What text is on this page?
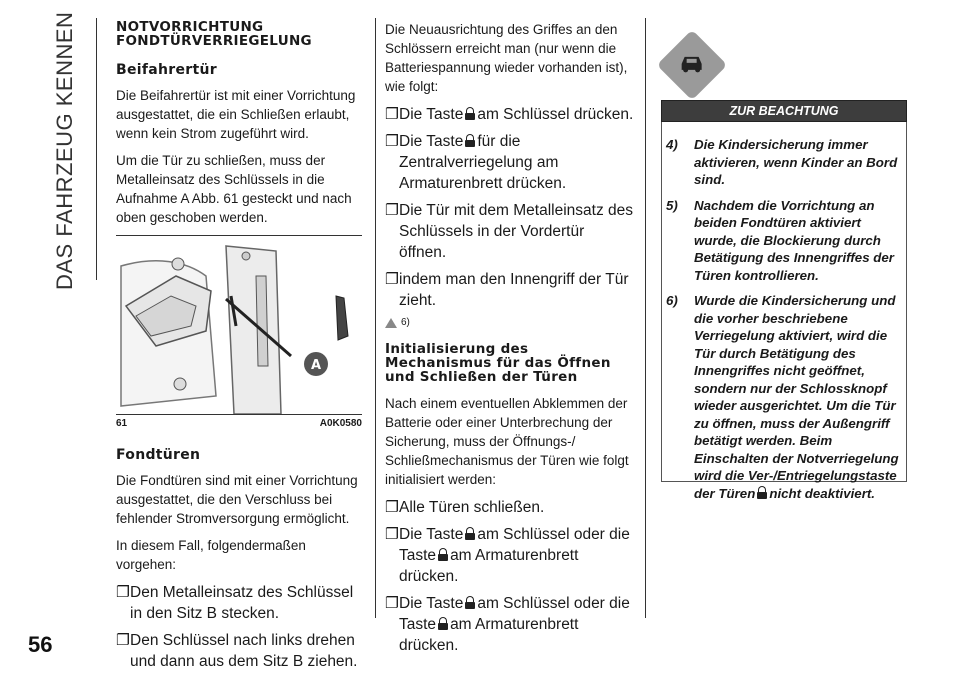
DAS FAHRZEUG KENNEN
56
NOTVORRICHTUNG
FONDTÜRVERRIEGELUNG
Beifahrertür

Die Beifahrertür ist mit einer Vorrichtung ausgestattet, die ein Schließen erlaubt, wenn kein Strom zugeführt wird.

Um die Tür zu schließen, muss der Metalleinsatz des Schlüssels in die Aufnahme A Abb. 61 gesteckt und nach oben geschoben werden.

A
61	A0K0580
Fondtüren

Die Fondtüren sind mit einer Vorrichtung ausgestattet, die den Verschluss bei fehlender Stromversorgung ermöglicht.

In diesem Fall, folgendermaßen vorgehen:

❐Den Metalleinsatz des Schlüssel in den Sitz B stecken.
❐Den Schlüssel nach links drehen und dann aus dem Sitz B ziehen.

Die Neuausrichtung des Griffes an den Schlössern erreicht man (nur wenn die Batteriespannung wieder vorhanden ist), wie folgt:

❐Die Taste am Schlüssel drücken.
❐Die Taste für die Zentralverriegelung am Armaturenbrett drücken.
❐Die Tür mit dem Metalleinsatz des Schlüssels in der Vordertür öffnen.
❐indem man den Innengriff der Tür zieht.
6)
Initialisierung des Mechanismus für das Öffnen und Schließen der Türen

Nach einem eventuellen Abklemmen der Batterie oder einer Unterbrechung der Sicherung, muss der Öffnungs-/ Schließmechanismus der Türen wie folgt initialisiert werden:

❐Alle Türen schließen.
❐Die Taste am Schlüssel oder die Taste am Armaturenbrett drücken.
❐Die Taste am Schlüssel oder die Taste am Armaturenbrett drücken.
ZUR BEACHTUNG
4) Die Kindersicherung immer aktivieren, wenn Kinder an Bord sind.
5) Nachdem die Vorrichtung an beiden Fondtüren aktiviert wurde, die Blockierung durch Betätigung des Innengriffes der Türen kontrollieren.
6) Wurde die Kindersicherung und die vorher beschriebene Verriegelung aktiviert, wird die Tür durch Betätigung des Innengriffes nicht geöffnet, sondern nur der Schlossknopf wieder ausgerichtet. Um die Tür zu öffnen, muss der Außengriff betätigt werden. Beim Einschalten der Notverriegelung wird die Ver-/Entriegelungstaste der Türen nicht deaktiviert.
